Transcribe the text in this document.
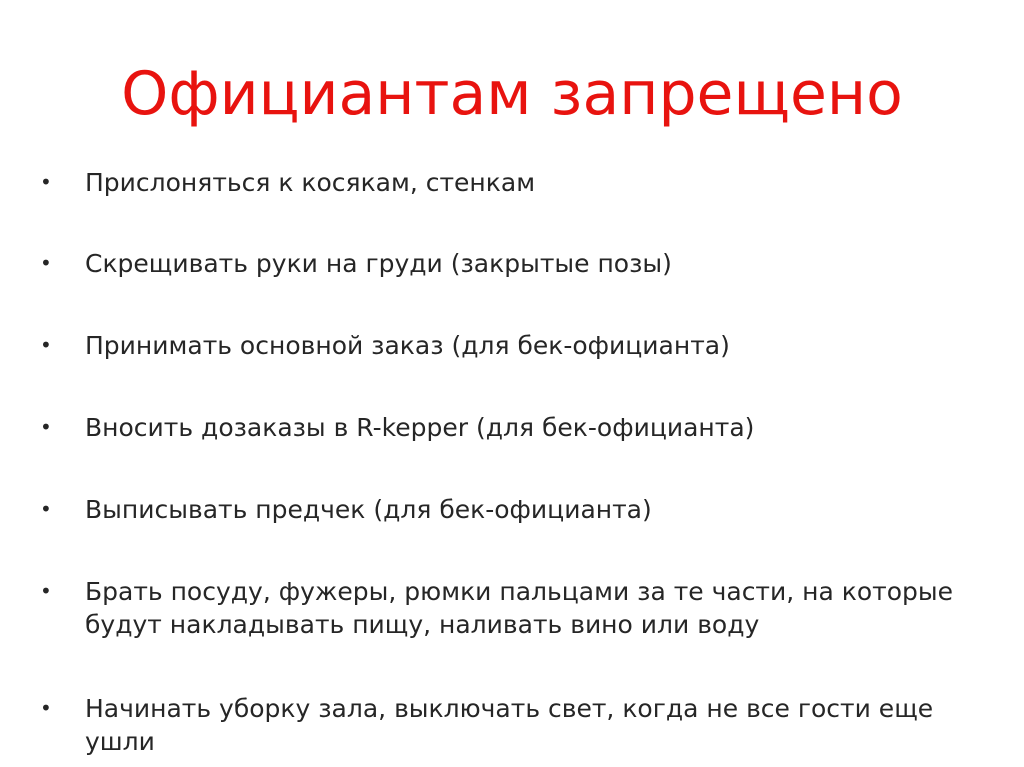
Официантам запрещено
•	Прислоняться к косякам, стенкам
•	Скрещивать руки на груди (закрытые позы)
•	Принимать основной заказ (для бек-официанта)
•	Вносить дозаказы в R-kepper (для бек-официанта)
•	Выписывать предчек (для бек-официанта)
•	Брать посуду, фужеры, рюмки пальцами за те части, на которые будут накладывать пищу, наливать вино или воду
•	Начинать уборку зала, выключать свет, когда не все гости еще ушли
